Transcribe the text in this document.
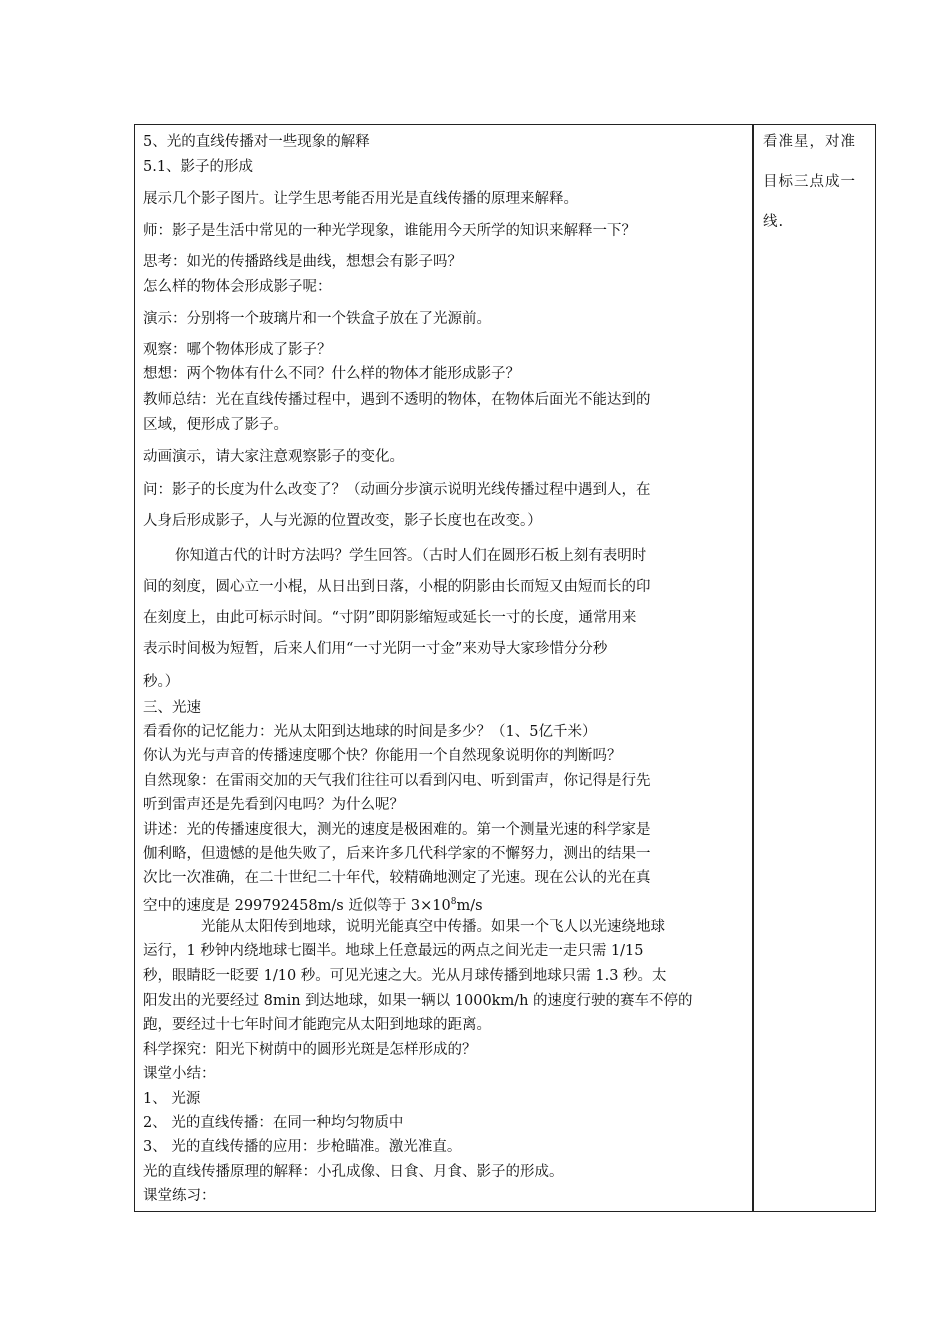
5、光的直线传播对一些现象的解释
5.1、影子的形成
展示几个影子图片。让学生思考能否用光是直线传播的原理来解释。
师：影子是生活中常见的一种光学现象，谁能用今天所学的知识来解释一下？
思考：如光的传播路线是曲线，想想会有影子吗？
怎么样的物体会形成影子呢：
演示：分别将一个玻璃片和一个铁盒子放在了光源前。
观察：哪个物体形成了影子？
想想：两个物体有什么不同？什么样的物体才能形成影子？
教师总结：光在直线传播过程中，遇到不透明的物体，在物体后面光不能达到的
区域，便形成了影子。
动画演示，请大家注意观察影子的变化。
问：影子的长度为什么改变了？（动画分步演示说明光线传播过程中遇到人，在
人身后形成影子，人与光源的位置改变，影子长度也在改变。）
你知道古代的计时方法吗？学生回答。（古时人们在圆形石板上刻有表明时
间的刻度，圆心立一小棍，从日出到日落，小棍的阴影由长而短又由短而长的印
在刻度上，由此可标示时间。“寸阴”即阴影缩短或延长一寸的长度，通常用来
表示时间极为短暂，后来人们用“一寸光阴一寸金”来劝导大家珍惜分分秒
秒。）
三、光速
看看你的记忆能力：光从太阳到达地球的时间是多少？（1、5亿千米）
你认为光与声音的传播速度哪个快？你能用一个自然现象说明你的判断吗？
自然现象：在雷雨交加的天气我们往往可以看到闪电、听到雷声，你记得是行先
听到雷声还是先看到闪电吗？为什么呢？
讲述：光的传播速度很大，测光的速度是极困难的。第一个测量光速的科学家是
伽利略，但遗憾的是他失败了，后来许多几代科学家的不懈努力，测出的结果一
次比一次准确，在二十世纪二十年代，较精确地测定了光速。现在公认的光在真
空中的速度是 299792458m/s 近似等于 $3\times 10^8m/s$
光能从太阳传到地球，说明光能真空中传播。如果一个飞人以光速绕地球
运行，1 秒钟内绕地球七圈半。地球上任意最远的两点之间光走一走只需 1/15
秒，眼睛眨一眨要 1/10 秒。可见光速之大。光从月球传播到地球只需 1.3 秒。太
阳发出的光要经过 8min 到达地球，如果一辆以 1000km/h 的速度行驶的赛车不停的
跑，要经过十七年时间才能跑完从太阳到地球的距离。
科学探究：阳光下树荫中的圆形光斑是怎样形成的？
课堂小结：
1、 光源
2、 光的直线传播：在同一种均匀物质中
3、 光的直线传播的应用：步枪瞄准。激光准直。
光的直线传播原理的解释：小孔成像、日食、月食、影子的形成。
课堂练习：
看准星，对准
目标三点成一
线.
